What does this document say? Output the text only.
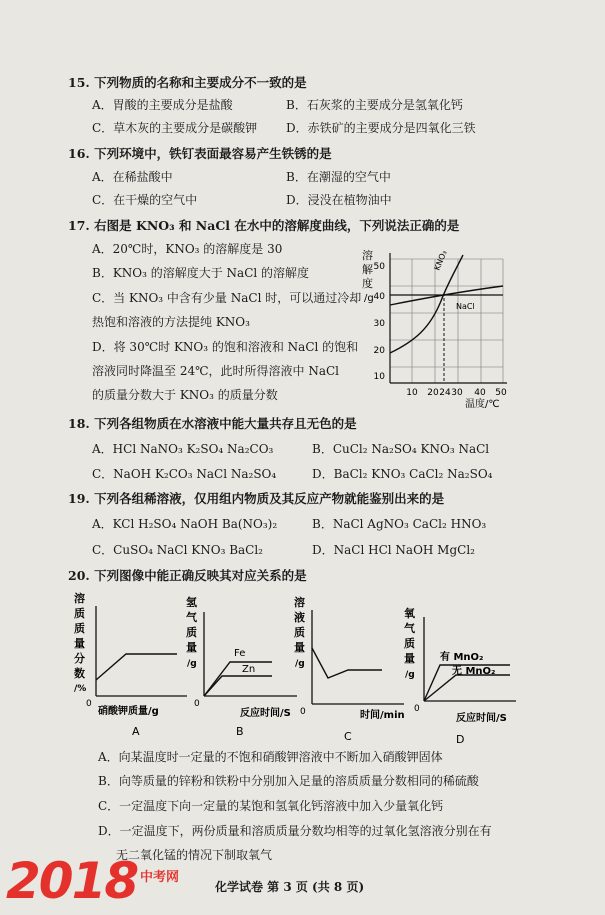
15. 下列物质的名称和主要成分不一致的是
A．胃酸的主要成分是盐酸	B．石灰浆的主要成分是氢氧化钙
C．草木灰的主要成分是碳酸钾 D．赤铁矿的主要成分是四氧化三铁
16. 下列环境中，铁钉表面最容易产生铁锈的是
A．在稀盐酸中	B．在潮湿的空气中
C．在干燥的空气中	D．浸没在植物油中
17. 右图是 KNO₃ 和 NaCl 在水中的溶解度曲线，下列说法正确的是
A．20℃时，KNO₃ 的溶解度是 30
B．KNO₃ 的溶解度大于 NaCl 的溶解度
C．当 KNO₃ 中含有少量 NaCl 时，可以通过冷却
热饱和溶液的方法提纯 KNO₃
D．将 30℃时 KNO₃ 的饱和溶液和 NaCl 的饱和
溶液同时降温至 24℃，此时所得溶液中 NaCl
的质量分数大于 KNO₃ 的质量分数
溶
解
度
/g
50
40
30
20
10
KNO₃
NaCl
10 20 24 30 40 50
温度/℃
18. 下列各组物质在水溶液中能大量共存且无色的是
A．HCl NaNO₃ K₂SO₄ Na₂CO₃	B．CuCl₂ Na₂SO₄ KNO₃ NaCl
C．NaOH K₂CO₃ NaCl Na₂SO₄	D．BaCl₂ KNO₃ CaCl₂ Na₂SO₄
19. 下列各组稀溶液，仅用组内物质及其反应产物就能鉴别出来的是
A．KCl H₂SO₄ NaOH Ba(NO₃)₂	B．NaCl AgNO₃ CaCl₂ HNO₃
C．CuSO₄ NaCl KNO₃ BaCl₂	D．NaCl HCl NaOH MgCl₂
20. 下列图像中能正确反映其对应关系的是
溶
质
质
量
分
数
/%
0
硝酸钾质量/g
A
氢
气
质
量
/g
Fe
Zn
0
反应时间/S
B
溶
液
质
量
/g
0	时间/min
C
氧
气
质
量
/g
有 MnO₂
无 MnO₂
0
反应时间/S
D
A．向某温度时一定量的不饱和硝酸钾溶液中不断加入硝酸钾固体
B．向等质量的锌粉和铁粉中分别加入足量的溶质质量分数相同的稀硫酸
C．一定温度下向一定量的某饱和氢氧化钙溶液中加入少量氧化钙
D．一定温度下，两份质量和溶质质量分数均相等的过氧化氢溶液分别在有
无二氧化锰的情况下制取氧气
2018 中考网
化学试卷 第 3 页 (共 8 页)
